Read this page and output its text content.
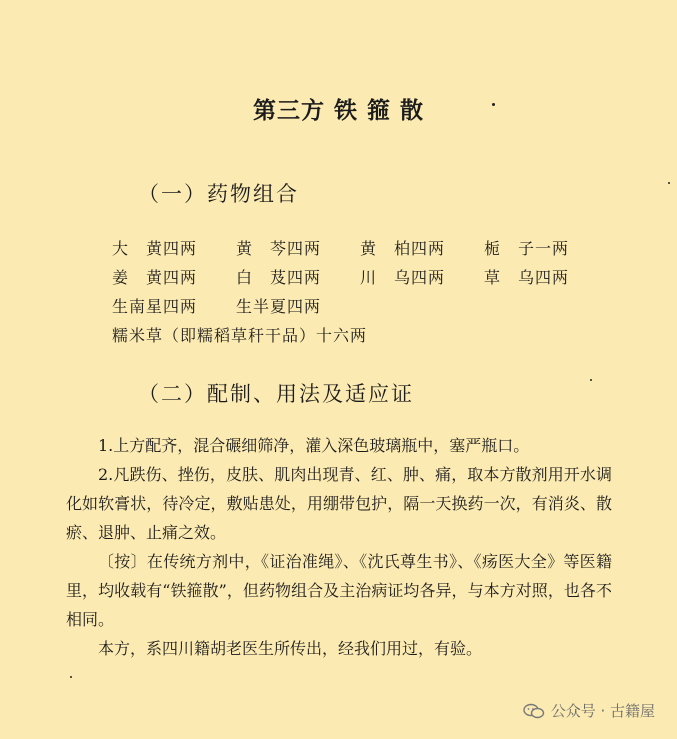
第三方 铁 箍 散
（一）药物组合
大　黄四两 黄　芩四两 黄　柏四两 栀　子一两
姜　黄四两 白　芨四两 川　乌四两 草　乌四两
生南星四两 生半夏四两
糯米草（即糯稻草秆干品）十六两
（二）配制、用法及适应证

1.上方配齐，混合碾细筛净，灌入深色玻璃瓶中，塞严瓶口。

2.凡跌伤、挫伤，皮肤、肌肉出现青、红、肿、痛，取本方散剂用开水调化如软膏状，待冷定，敷贴患处，用绷带包护，隔一天换药一次，有消炎、散瘀、退肿、止痛之效。

〔按〕在传统方剂中，《证治准绳》、《沈氏尊生书》、《疡医大全》等医籍里，均收载有“铁箍散”，但药物组合及主治病证均各异，与本方对照，也各不相同。

本方，系四川籍胡老医生所传出，经我们用过，有验。

公众号 · 古籍屋
